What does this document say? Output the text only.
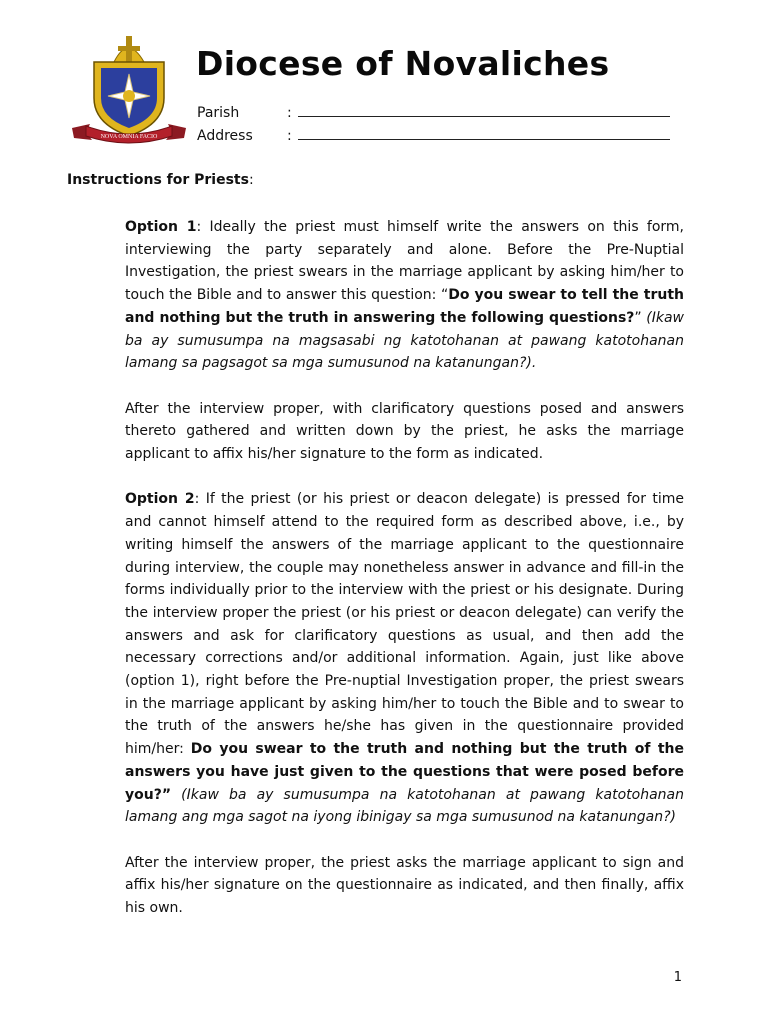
NOVA OMNIA FACIO
Diocese of Novaliches
Parish	:
Address :

Instructions for Priests:

Option 1: Ideally the priest must himself write the answers on this form, interviewing the party separately and alone. Before the Pre-Nuptial Investigation, the priest swears in the marriage applicant by asking him/her to touch the Bible and to answer this question: “Do you swear to tell the truth and nothing but the truth in answering the following questions?” (Ikaw ba ay sumusumpa na magsasabi ng katotohanan at pawang katotohanan lamang sa pagsagot sa mga sumusunod na katanungan?).

After the interview proper, with clarificatory questions posed and answers thereto gathered and written down by the priest, he asks the marriage applicant to affix his/her signature to the form as indicated.

Option 2: If the priest (or his priest or deacon delegate) is pressed for time and cannot himself attend to the required form as described above, i.e., by writing himself the answers of the marriage applicant to the questionnaire during interview, the couple may nonetheless answer in advance and fill-in the forms individually prior to the interview with the priest or his designate. During the interview proper the priest (or his priest or deacon delegate) can verify the answers and ask for clarificatory questions as usual, and then add the necessary corrections and/or additional information. Again, just like above (option 1), right before the Pre-nuptial Investigation proper, the priest swears in the marriage applicant by asking him/her to touch the Bible and to swear to the truth of the answers he/she has given in the questionnaire provided him/her: Do you swear to the truth and nothing but the truth of the answers you have just given to the questions that were posed before you?” (Ikaw ba ay sumusumpa na katotohanan at pawang katotohanan lamang ang mga sagot na iyong ibinigay sa mga sumusunod na katanungan?)

After the interview proper, the priest asks the marriage applicant to sign and affix his/her signature on the questionnaire as indicated, and then finally, affix his own.

1
